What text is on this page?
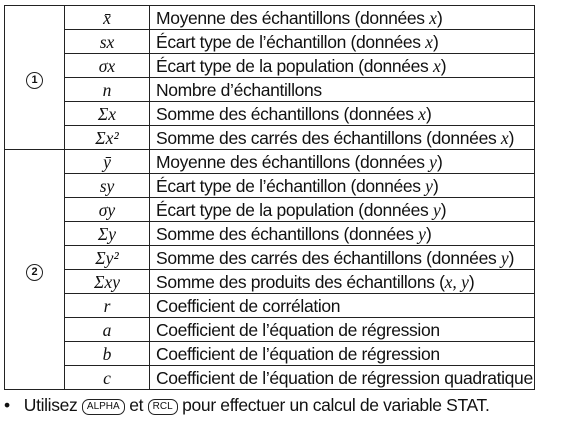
1	x̄	Moyenne des échantillons (données x)
	sx	Écart type de l’échantillon (données x)
	σx	Écart type de la population (données x)
	n	Nombre d’échantillons
	Σx	Somme des échantillons (données x)
	Σx²	Somme des carrés des échantillons (données x)
2	ȳ	Moyenne des échantillons (données y)
	sy	Écart type de l’échantillon (données y)
	σy	Écart type de la population (données y)
	Σy	Somme des échantillons (données y)
	Σy²	Somme des carrés des échantillons (données y)
	Σxy	Somme des produits des échantillons (x, y)
	r	Coefficient de corrélation
	a	Coefficient de l’équation de régression
	b	Coefficient de l’équation de régression
	c	Coefficient de l’équation de régression quadratique
• Utilisez ALPHA et RCL pour effectuer un calcul de variable STAT.
